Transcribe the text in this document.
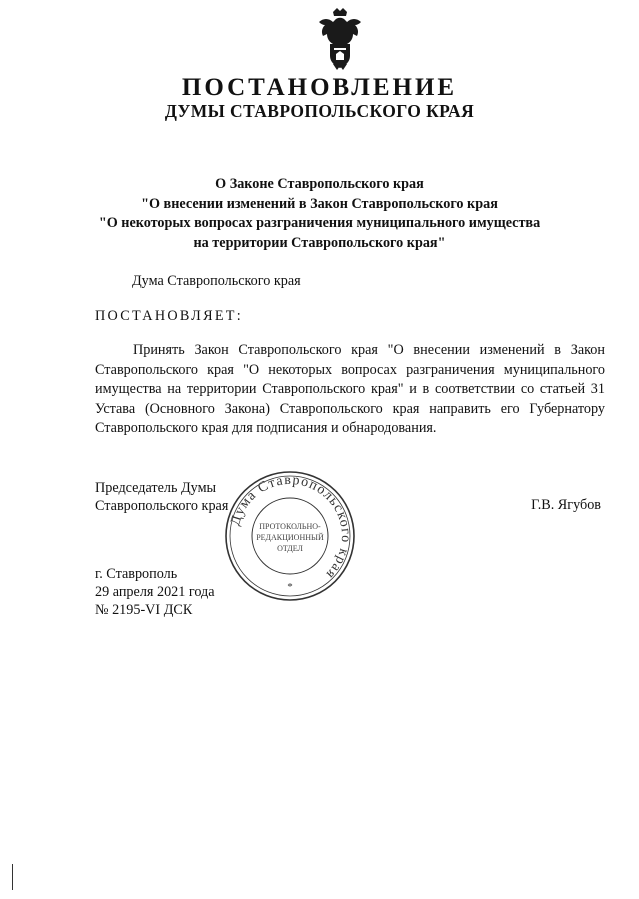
ПОСТАНОВЛЕНИЕ
ДУМЫ СТАВРОПОЛЬСКОГО КРАЯ
О Законе Ставропольского края
"О внесении изменений в Закон Ставропольского края
"О некоторых вопросах разграничения муниципального имущества
на территории Ставропольского края"
Дума Ставропольского края
ПОСТАНОВЛЯЕТ:
Принять Закон Ставропольского края "О внесении изменений в Закон Ставропольского края "О некоторых вопросах разграничения муниципального имущества на территории Ставропольского края" и в соответствии со статьей 31 Устава (Основного Закона) Ставропольского края направить его Губернатору Ставропольского края для подписания и обнародования.
Председатель Думы
Ставропольского края	Г.В. Ягубов
Дума Ставропольского края
ПРОТОКОЛЬНО-
РЕДАКЦИОННЫЙ
ОТДЕЛ
*
г. Ставрополь
29 апреля 2021 года
№ 2195-VI ДСК
